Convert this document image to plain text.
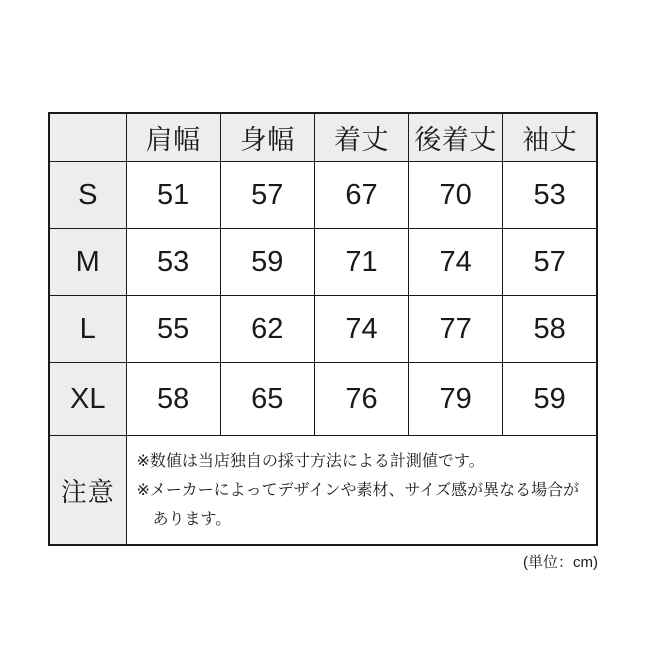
	肩幅	身幅	着丈	後着丈	袖丈
S	51	57	67	70	53
M	53	59	71	74	57
L	55	62	74	77	58
XL	58	65	76	79	59
注意	※数値は当店独自の採寸方法による計測値です。
※メーカーによってデザインや素材、サイズ感が異なる場合が
　あります。				
(単位：cm)
